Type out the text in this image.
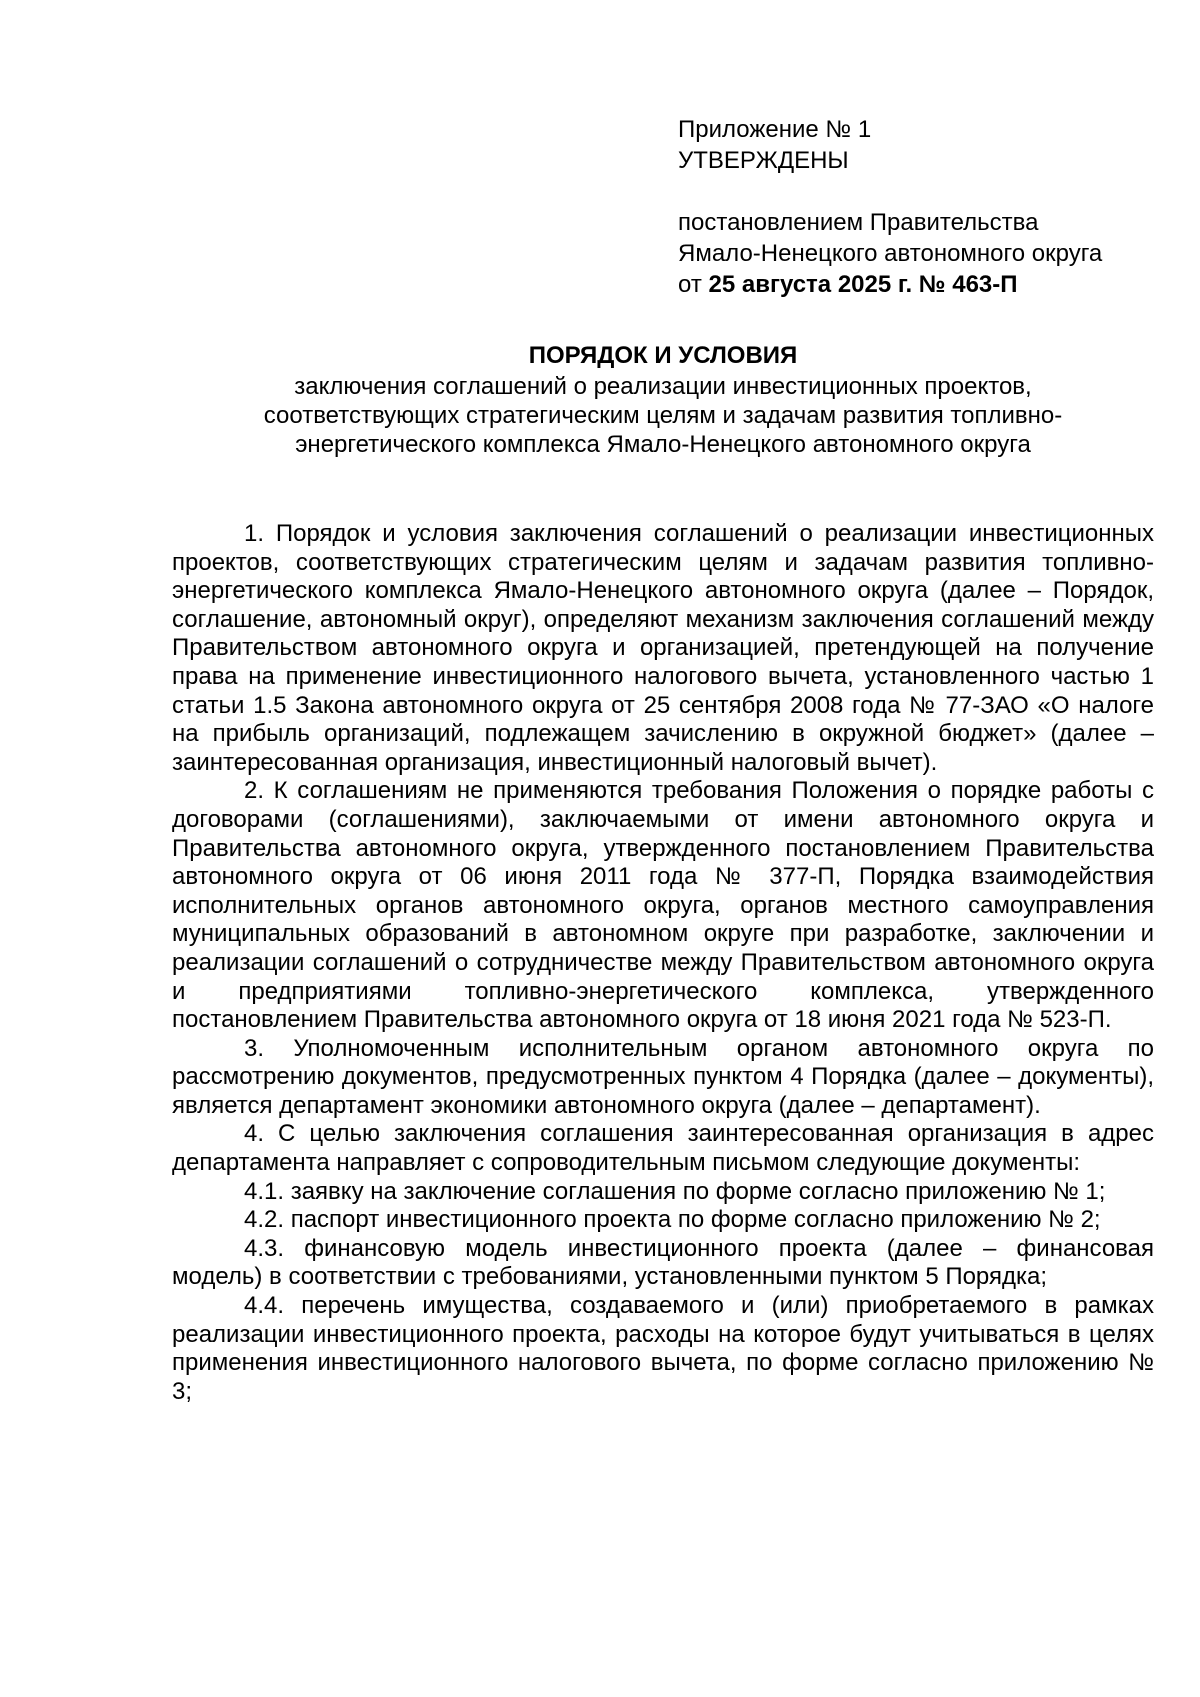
Приложение № 1
УТВЕРЖДЕНЫ
постановлением Правительства
Ямало-Ненецкого автономного округа
от 25 августа 2025 г. № 463-П
ПОРЯДОК И УСЛОВИЯ
заключения соглашений о реализации инвестиционных проектов,
соответствующих стратегическим целям и задачам развития топливно-
энергетического комплекса Ямало-Ненецкого автономного округа

1. Порядок и условия заключения соглашений о реализации инвестиционных проектов, соответствующих стратегическим целям и задачам развития топливно-энергетического комплекса Ямало-Ненецкого автономного округа (далее – Порядок, соглашение, автономный округ), определяют механизм заключения соглашений между Правительством автономного округа и организацией, претендующей на получение права на применение инвестиционного налогового вычета, установленного частью 1 статьи 1.5 Закона автономного округа от 25 сентября 2008 года № 77-ЗАО «О налоге на прибыль организаций, подлежащем зачислению в окружной бюджет» (далее – заинтересованная организация, инвестиционный налоговый вычет).

2. К соглашениям не применяются требования Положения о порядке работы с договорами (соглашениями), заключаемыми от имени автономного округа и Правительства автономного округа, утвержденного постановлением Правительства автономного округа от 06 июня 2011 года № 377-П, Порядка взаимодействия исполнительных органов автономного округа, органов местного самоуправления муниципальных образований в автономном округе при разработке, заключении и реализации соглашений о сотрудничестве между Правительством автономного округа и предприятиями топливно-энергетического комплекса, утвержденного постановлением Правительства автономного округа от 18 июня 2021 года № 523-П.

3. Уполномоченным исполнительным органом автономного округа по рассмотрению документов, предусмотренных пунктом 4 Порядка (далее – документы), является департамент экономики автономного округа (далее – департамент).

4. С целью заключения соглашения заинтересованная организация в адрес департамента направляет с сопроводительным письмом следующие документы:

4.1. заявку на заключение соглашения по форме согласно приложению № 1;

4.2. паспорт инвестиционного проекта по форме согласно приложению № 2;

4.3. финансовую модель инвестиционного проекта (далее – финансовая модель) в соответствии с требованиями, установленными пунктом 5 Порядка;

4.4. перечень имущества, создаваемого и (или) приобретаемого в рамках реализации инвестиционного проекта, расходы на которое будут учитываться в целях применения инвестиционного налогового вычета, по форме согласно приложению № 3;
